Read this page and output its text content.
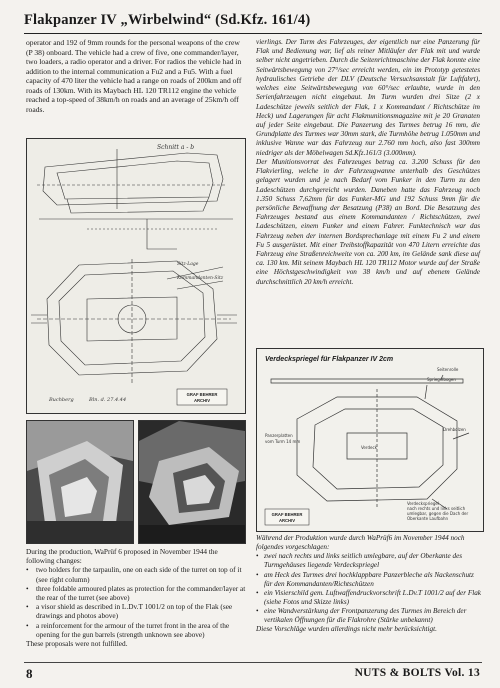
Flakpanzer IV „Wirbelwind“ (Sd.Kfz. 161/4)

operator and 192 of 9mm rounds for the personal weapons of the crew (P 38) onboard. The vehicle had a crew of five, one commander/layer, two loaders, a radio operator and a driver. For radios the vehicle had in addition to the internal communication a Fu2 and a Fu5. With a fuel capacity of 470 liter the vehicle had a range on roads of 200km and off roads of 130km. With its Maybach HL 120 TR112 engine the vehicle reached a top-speed of 38km/h on roads and an average of 25km/h off roads.

vierlings. Der Turm des Fahrzeuges, der eigentlich nur eine Panzerung für Flak und Bedienung war, lief als reiner Mitläufer der Flak mit und wurde selber nicht angetrieben. Durch die Seitenrichtmaschine der Flak konnte eine Seitwärtsbewegung von 27°/sec erreicht werden, ein im Prototyp getestetes hydraulisches Getriebe der DLV (Deutsche Versuchsanstalt für Luftfahrt), welches eine Seitwärtsbewegung von 60°/sec erlaubte, wurde in den Serienfahrzeugen nicht eingebaut. Im Turm wurden drei Sitze (2 x Ladeschütze jeweils seitlich der Flak, 1 x Kommandant / Richtschütze im Heck) und Lagerungen für acht Flakmunitionsmagazine mit je 20 Granaten auf jeder Seite eingebaut. Die Panzerung des Turmes betrug 16 mm, die Grundplatte des Turmes war 30mm stark, die Turmhöhe betrug 1.050mm und inklusive Wanne war das Fahrzeug nur 2.760 mm hoch, also fast 300mm niedriger als der Möbelwagen Sd.Kfz.161/3 (3.000mm).

Der Munitionsvorrat des Fahrzeuges betrug ca. 3.200 Schuss für den Flakvierling, welche in der Fahrzeugwanne unterhalb des Geschützes gelagert wurden und je nach Bedarf vom Funker in den Turm zu den Ladeschützen durchgereicht wurden. Daneben hatte das Fahrzeug noch 1.350 Schuss 7,62mm für das Funker-MG und 192 Schuss 9mm für die persönliche Bewaffnung der Besatzung (P38) an Bord. Die Besatzung des Fahrzeuges bestand aus einem Kommandanten / Richtschützen, zwei Ladeschützen, einem Funker und einem Fahrer. Funktechnisch war das Fahrzeug neben der internen Bordsprechanlage mit einem Fu 2 und einem Fu 5 ausgerüstet. Mit einer Treibstoffkapazität von 470 Litern erreichte das Fahrzeug eine Straßenreichweite von ca. 200 km, im Gelände sank diese auf ca. 130 km. Mit seinem Maybach HL 120 TR112 Motor wurde auf der Straße eine Höchstgeschwindigkeit von 38 km/h und auf ebenem Gelände durchschnittlich 20 km/h erreicht.

Schnitt a - b
Sitz-Lage
Kommandanten-Sitz
Buchberg	Bln. d. 27.4.44
GRAF BEHRER
ARCHIV

During the production, WaPrüf 6 proposed in November 1944 the following changes:

• two holders for the tarpaulin, one on each side of the turret on top of it (see right column)
• three foldable armoured plates as protection for the commander/layer at the rear of the turret (see above)
• a visor shield as described in L.Dv.T 1001/2 on top of the Flak (see drawings and photos above)
• a reinforcement for the armour of the turret front in the area of the opening for the gun barrels (strength unknown see above)

These proposals were not fulfilled.

Verdeckspriegel für Flakpanzer IV 2cm
Seitenrolle
Spriegelbogen
Panzerplatten
vom Turm 14 mm
Drehbolzen
Verdeck
Verdeckspriegel
nach rechts und links seitlich
umlegbar, gegen die Dach der
Oberkante Laufbahn
GRAF BEHRER
ARCHIV

Während der Produktion wurde durch WaPrüf6 im November 1944 noch folgendes vorgeschlagen:

• zwei nach rechts und links seitlich umlegbare, auf der Oberkante des Turmgehäuses liegende Verdeckspriegel
• am Heck des Turmes drei hochklappbare Panzerbleche als Nackenschutz für den Kommandanten/Richtschützen
• ein Visierschild gem. Luftwaffendruckvorschrift L.Dv.T 1001/2 auf der Flak (siehe Fotos und Skizze links)
• eine Wandverstärkung der Frontpanzerung des Turmes im Bereich der vertikalen Öffnungen für die Flakrohre (Stärke unbekannt)

Diese Vorschläge wurden allerdings nicht mehr berücksichtigt.

8	NUTS & BOLTS Vol. 13
